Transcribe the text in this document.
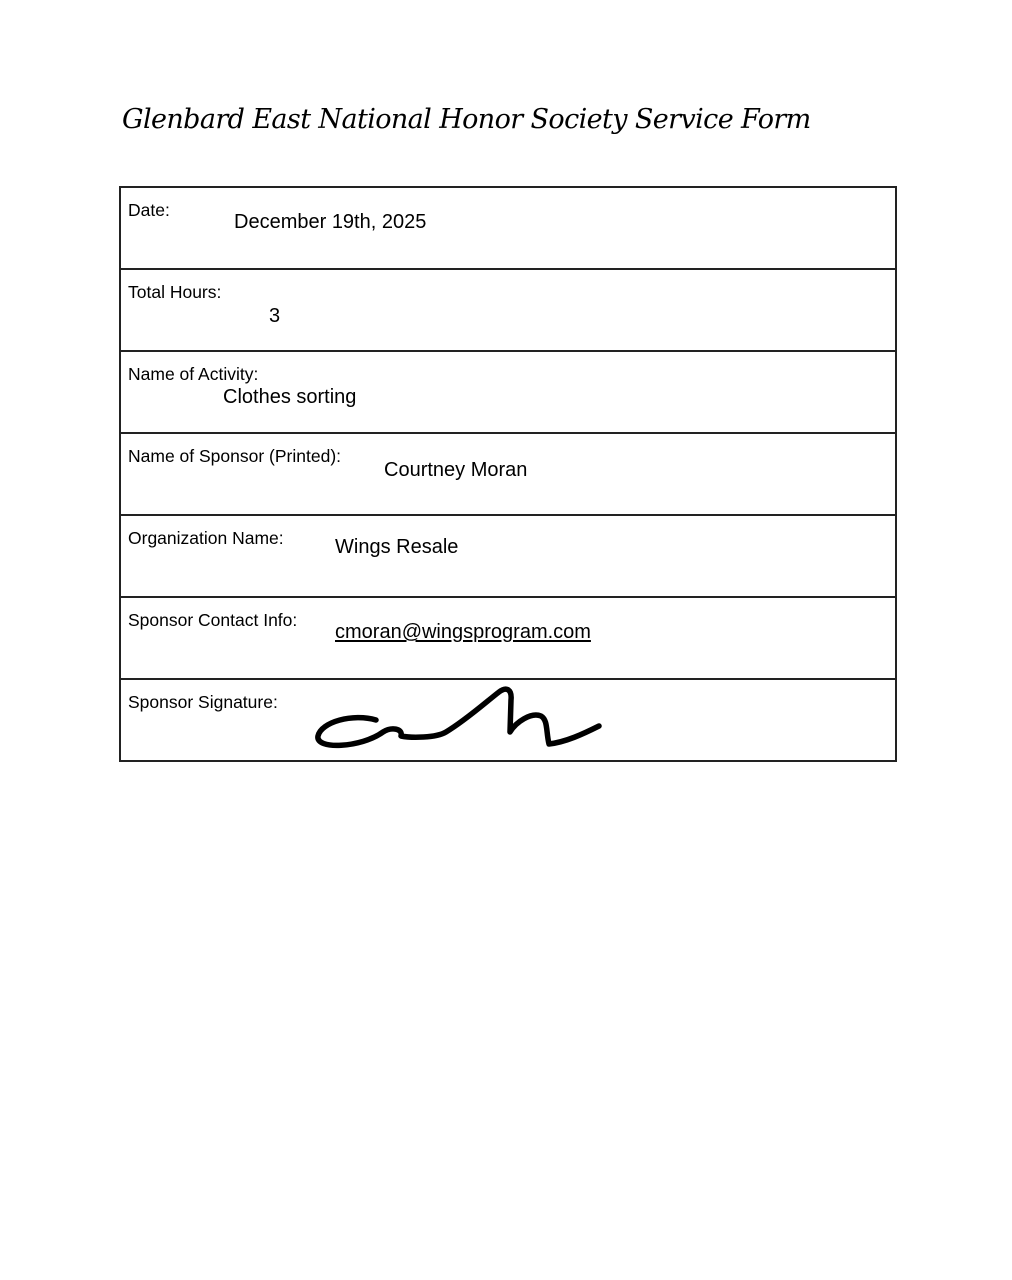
Glenbard East National Honor Society Service Form
Date:
December 19th, 2025
Total Hours:
3
Name of Activity:
Clothes sorting
Name of Sponsor (Printed):
Courtney Moran
Organization Name:	Wings Resale
Sponsor Contact Info:
cmoran@wingsprogram.com
Sponsor Signature:
